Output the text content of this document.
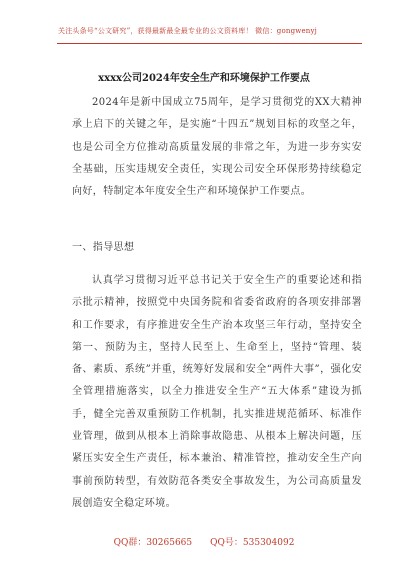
关注头条号“公文研究”，获得最新最全最专业的公文资料库！ 微信：gongwenyj
xxxx公司2024年安全生产和环境保护工作要点
2024年是新中国成立75周年，是学习贯彻党的XX大精神承上启下的关键之年，是实施“十四五”规划目标的攻坚之年，也是公司全方位推动高质量发展的非常之年，为进一步夯实安全基础，压实违规安全责任，实现公司安全环保形势持续稳定向好，特制定本年度安全生产和环境保护工作要点。
一、指导思想
认真学习贯彻习近平总书记关于安全生产的重要论述和指示批示精神，按照党中央国务院和省委省政府的各项安排部署和工作要求，有序推进安全生产治本攻坚三年行动，坚持安全第一、预防为主，坚持人民至上、生命至上，坚持“管理、装备、素质、系统”并重，统筹好发展和安全“两件大事”，强化安全管理措施落实，以全力推进安全生产“五大体系”建设为抓手，健全完善双重预防工作机制，扎实推进规范循环、标准作业管理，做到从根本上消除事故隐患、从根本上解决问题，压紧压实安全生产责任，标本兼治、精准管控，推动安全生产向事前预防转型，有效防范各类安全事故发生，为公司高质量发展创造安全稳定环境。
QQ群：30265665 QQ号：535304092
